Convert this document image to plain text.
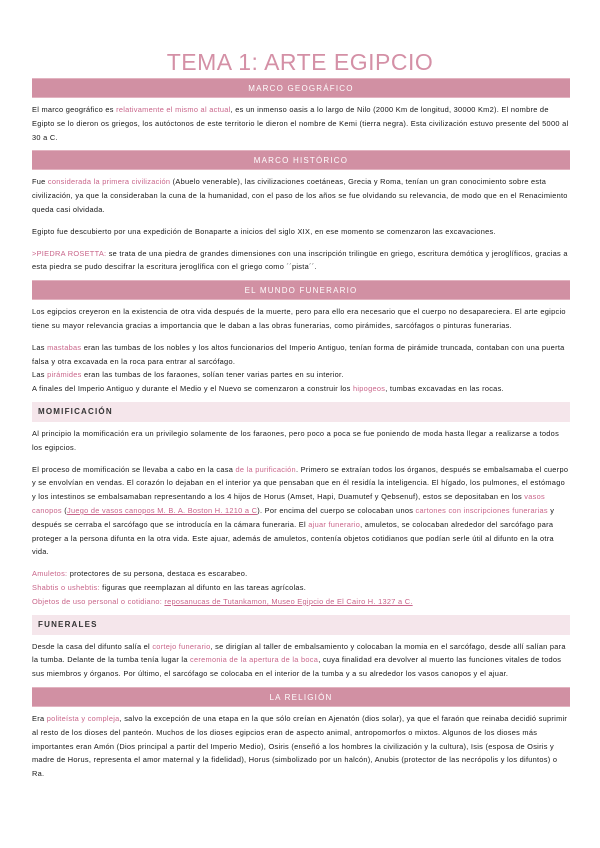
TEMA 1: ARTE EGIPCIO
MARCO GEOGRÁFICO
El marco geográfico es relativamente el mismo al actual, es un inmenso oasis a lo largo de Nilo (2000 Km de longitud, 30000 Km2). El nombre de Egipto se lo dieron os griegos, los autóctonos de este territorio le dieron el nombre de Kemi (tierra negra). Esta civilización estuvo presente del 5000 al 30 a C.
MARCO HISTÓRICO
Fue considerada la primera civilización (Abuelo venerable), las civilizaciones coetáneas, Grecia y Roma, tenían un gran conocimiento sobre esta civilización, ya que la consideraban la cuna de la humanidad, con el paso de los años se fue olvidando su relevancia, de modo que en el Renacimiento queda casi olvidada.
Egipto fue descubierto por una expedición de Bonaparte a inicios del siglo XIX, en ese momento se comenzaron las excavaciones.
>PIEDRA ROSETTA: se trata de una piedra de grandes dimensiones con una inscripción trilingüe en griego, escritura demótica y jeroglíficos, gracias a esta piedra se pudo descifrar la escritura jeroglífica con el griego como ´´pista´´.
EL MUNDO FUNERARIO
Los egipcios creyeron en la existencia de otra vida después de la muerte, pero para ello era necesario que el cuerpo no desapareciera. El arte egipcio tiene su mayor relevancia gracias a importancia que le daban a las obras funerarias, como pirámides, sarcófagos o pinturas funerarias.
Las mastabas eran las tumbas de los nobles y los altos funcionarios del Imperio Antiguo, tenían forma de pirámide truncada, contaban con una puerta falsa y otra excavada en la roca para entrar al sarcófago.
Las pirámides eran las tumbas de los faraones, solían tener varias partes en su interior.
A finales del Imperio Antiguo y durante el Medio y el Nuevo se comenzaron a construir los hipogeos, tumbas excavadas en las rocas.
MOMIFICACIÓN
Al principio la momificación era un privilegio solamente de los faraones, pero poco a poca se fue poniendo de moda hasta llegar a realizarse a todos los egipcios.
El proceso de momificación se llevaba a cabo en la casa de la purificación. Primero se extraían todos los órganos, después se embalsamaba el cuerpo y se envolvían en vendas. El corazón lo dejaban en el interior ya que pensaban que en él residía la inteligencia. El hígado, los pulmones, el estómago y los intestinos se embalsamaban representando a los 4 hijos de Horus (Amset, Hapi, Duamutef y Qebsenuf), estos se depositaban en los vasos canopos (Juego de vasos canopos M. B. A. Boston H. 1210 a C). Por encima del cuerpo se colocaban unos cartones con inscripciones funerarias y después se cerraba el sarcófago que se introducía en la cámara funeraria. El ajuar funerario, amuletos, se colocaban alrededor del sarcófago para proteger a la persona difunta en la otra vida. Este ajuar, además de amuletos, contenía objetos cotidianos que podían serle útil al difunto en la otra vida.
Amuletos: protectores de su persona, destaca es escarabeo.
Shabtis o ushebtis: figuras que reemplazan al difunto en las tareas agrícolas.
Objetos de uso personal o cotidiano: reposanucas de Tutankamon, Museo Egipcio de El Cairo H. 1327 a C.
FUNERALES
Desde la casa del difunto salía el cortejo funerario, se dirigían al taller de embalsamiento y colocaban la momia en el sarcófago, desde allí salían para la tumba. Delante de la tumba tenía lugar la ceremonia de la apertura de la boca, cuya finalidad era devolver al muerto las funciones vitales de todos sus miembros y órganos. Por último, el sarcófago se colocaba en el interior de la tumba y a su alrededor los vasos canopos y el ajuar.
LA RELIGIÓN
Era politeísta y compleja, salvo la excepción de una etapa en la que sólo creían en Ajenatón (dios solar), ya que el faraón que reinaba decidió suprimir al resto de los dioses del panteón. Muchos de los dioses egipcios eran de aspecto animal, antropomorfos o mixtos. Algunos de los dioses más importantes eran Amón (Dios principal a partir del Imperio Medio), Osiris (enseñó a los hombres la civilización y la cultura), Isis (esposa de Osiris y madre de Horus, representa el amor maternal y la fidelidad), Horus (simbolizado por un halcón), Anubis (protector de las necrópolis y los difuntos) o Ra.
